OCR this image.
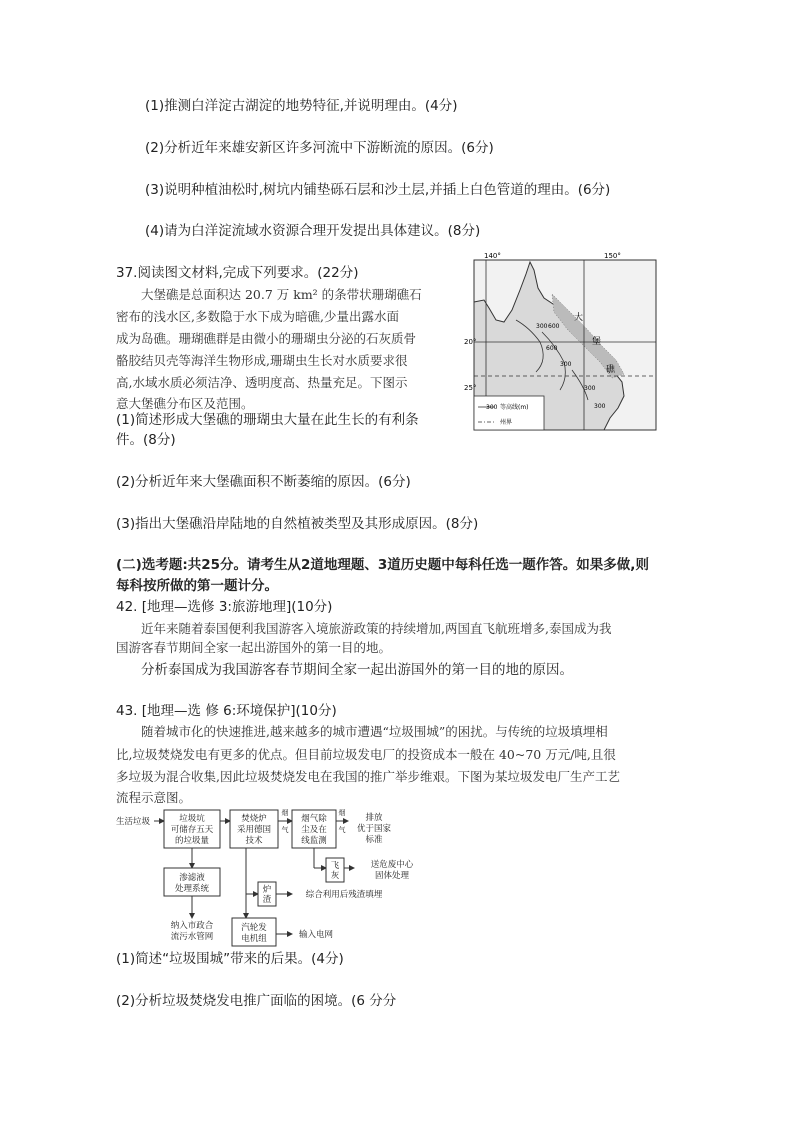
(1)推测白洋淀古湖淀的地势特征,并说明理由。(4分)
(2)分析近年来雄安新区许多河流中下游断流的原因。(6分)
(3)说明种植油松时,树坑内铺垫砾石层和沙土层,并插上白色管道的理由。(6分)
(4)请为白洋淀流域水资源合理开发提出具体建议。(8分)
37.阅读图文材料,完成下列要求。(22分)
大堡礁是总面积达 20.7 万 km² 的条带状珊瑚礁石
密布的浅水区,多数隐于水下成为暗礁,少量出露水面
成为岛礁。珊瑚礁群是由微小的珊瑚虫分泌的石灰质骨
骼胶结贝壳等海洋生物形成,珊瑚虫生长对水质要求很
高,水域水质必须洁净、透明度高、热量充足。下图示
意大堡礁分布区及范围。
(1)简述形成大堡礁的珊瑚虫大量在此生长的有利条
件。(8分)
140°	150°
20°
25°
300 600
600
300
300
300
大
堡
礁
300 等高线(m)
州界
(2)分析近年来大堡礁面积不断萎缩的原因。(6分)
(3)指出大堡礁沿岸陆地的自然植被类型及其形成原因。(8分)
(二)选考题:共25分。请考生从2道地理题、3道历史题中每科任选一题作答。如果多做,则
每科按所做的第一题计分。
42. [地理—选修 3:旅游地理](10分)
近年来随着泰国便利我国游客入境旅游政策的持续增加,两国直飞航班增多,泰国成为我
国游客春节期间全家一起出游国外的第一目的地。
分析泰国成为我国游客春节期间全家一起出游国外的第一目的地的原因。
43. [地理—选 修 6:环境保护](10分)
随着城市化的快速推进,越来越多的城市遭遇“垃圾围城”的困扰。与传统的垃圾填埋相
比,垃圾焚烧发电有更多的优点。但目前垃圾发电厂的投资成本一般在 40~70 万元/吨,且很
多垃圾为混合收集,因此垃圾焚烧发电在我国的推广举步维艰。下图为某垃圾发电厂生产工艺
流程示意图。
生活垃圾	垃圾坑
可储存五天
的垃圾量
焚烧炉
采用德国
技术
烟
气
烟气除
尘及在
线监测
烟
气
排放
优于国家
标准
飞
灰
送危废中心
固体处理
渗滤液
处理系统
纳入市政合
流污水管网
炉
渣	综合利用后残渣填埋
汽轮发
电机组	输入电网
(1)简述“垃圾围城”带来的后果。(4分)
(2)分析垃圾焚烧发电推广面临的困境。(6 分分
